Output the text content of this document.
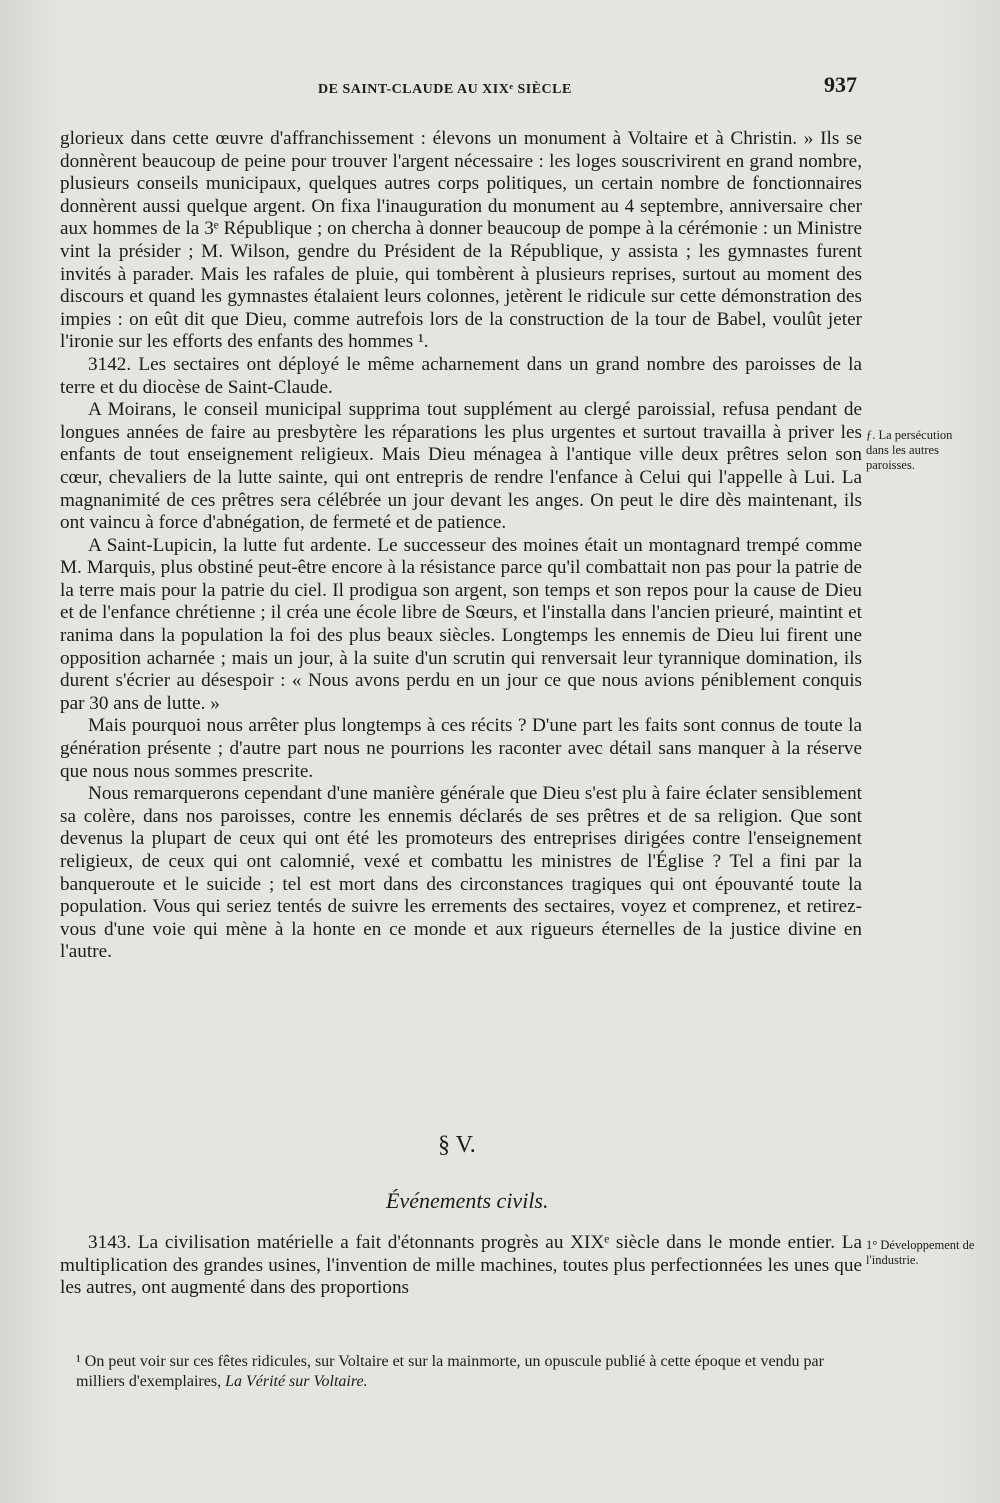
DE SAINT-CLAUDE AU XIXᵉ SIÈCLE	937

glorieux dans cette œuvre d'affranchissement : élevons un monument à Voltaire et à Christin. » Ils se donnèrent beaucoup de peine pour trouver l'argent nécessaire : les loges souscrivirent en grand nombre, plusieurs conseils municipaux, quelques autres corps politiques, un certain nombre de fonctionnaires donnèrent aussi quelque argent. On fixa l'inauguration du monument au 4 septembre, anniversaire cher aux hommes de la 3ᵉ République ; on chercha à donner beaucoup de pompe à la cérémonie : un Ministre vint la présider ; M. Wilson, gendre du Président de la République, y assista ; les gymnastes furent invités à parader. Mais les rafales de pluie, qui tombèrent à plusieurs reprises, surtout au moment des discours et quand les gymnastes étalaient leurs colonnes, jetèrent le ridicule sur cette démonstration des impies : on eût dit que Dieu, comme autrefois lors de la construction de la tour de Babel, voulût jeter l'ironie sur les efforts des enfants des hommes ¹.

3142. Les sectaires ont déployé le même acharnement dans un grand nombre des paroisses de la terre et du diocèse de Saint-Claude.

A Moirans, le conseil municipal supprima tout supplément au clergé paroissial, refusa pendant de longues années de faire au presbytère les réparations les plus urgentes et surtout travailla à priver les enfants de tout enseignement religieux. Mais Dieu ménagea à l'antique ville deux prêtres selon son cœur, chevaliers de la lutte sainte, qui ont entrepris de rendre l'enfance à Celui qui l'appelle à Lui. La magnanimité de ces prêtres sera célébrée un jour devant les anges. On peut le dire dès maintenant, ils ont vaincu à force d'abnégation, de fermeté et de patience.

A Saint-Lupicin, la lutte fut ardente. Le successeur des moines était un montagnard trempé comme M. Marquis, plus obstiné peut-être encore à la résistance parce qu'il combattait non pas pour la patrie de la terre mais pour la patrie du ciel. Il prodigua son argent, son temps et son repos pour la cause de Dieu et de l'enfance chrétienne ; il créa une école libre de Sœurs, et l'installa dans l'ancien prieuré, maintint et ranima dans la population la foi des plus beaux siècles. Longtemps les ennemis de Dieu lui firent une opposition acharnée ; mais un jour, à la suite d'un scrutin qui renversait leur tyrannique domination, ils durent s'écrier au désespoir : « Nous avons perdu en un jour ce que nous avions péniblement conquis par 30 ans de lutte. »

Mais pourquoi nous arrêter plus longtemps à ces récits ? D'une part les faits sont connus de toute la génération présente ; d'autre part nous ne pourrions les raconter avec détail sans manquer à la réserve que nous nous sommes prescrite.

Nous remarquerons cependant d'une manière générale que Dieu s'est plu à faire éclater sensiblement sa colère, dans nos paroisses, contre les ennemis déclarés de ses prêtres et de sa religion. Que sont devenus la plupart de ceux qui ont été les promoteurs des entreprises dirigées contre l'enseignement religieux, de ceux qui ont calomnié, vexé et combattu les ministres de l'Église ? Tel a fini par la banqueroute et le suicide ; tel est mort dans des circonstances tragiques qui ont épouvanté toute la population. Vous qui seriez tentés de suivre les errements des sectaires, voyez et comprenez, et retirez-vous d'une voie qui mène à la honte en ce monde et aux rigueurs éternelles de la justice divine en l'autre.

ƒ. La persécution dans les autres paroisses.
§ V.
Événements civils.

3143. La civilisation matérielle a fait d'étonnants progrès au XIXᵉ siècle dans le monde entier. La multiplication des grandes usines, l'invention de mille machines, toutes plus perfectionnées les unes que les autres, ont augmenté dans des proportions

1° Développement de l'industrie.
¹ On peut voir sur ces fêtes ridicules, sur Voltaire et sur la mainmorte, un opuscule publié à cette époque et vendu par milliers d'exemplaires, La Vérité sur Voltaire.
